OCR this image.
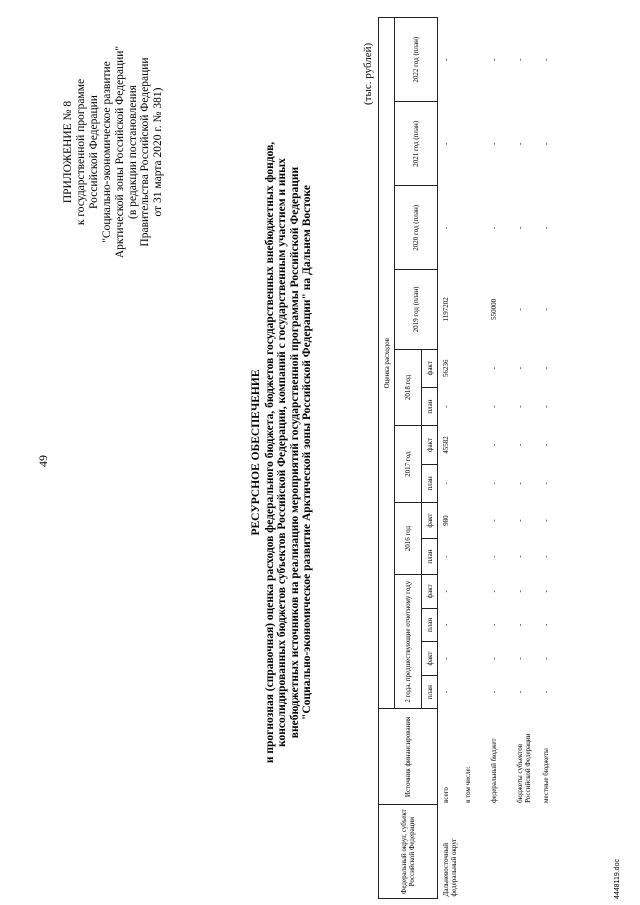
49
ПРИЛОЖЕНИЕ № 8 к государственной программе Российской Федерации "Социально-экономическое развитие Арктической зоны Российской Федерации" (в редакции постановления Правительства Российской Федерации от 31 марта 2020 г. № 381)
РЕСУРСНОЕ ОБЕСПЕЧЕНИЕ и прогнозная (справочная) оценка расходов федерального бюджета, бюджетов государственных внебюджетных фондов, консолидированных бюджетов субъектов Российской Федерации, компаний с государственным участием и иных внебюджетных источников на реализацию мероприятий государственной программы Российской Федерации "Социально-экономическое развитие Арктической зоны Российской Федерации" на Дальнем Востоке
(тыс. рублей)
Федеральный округ, субъект Российской Федерации	Источник финансирования	Оценка расходов													
		2 года, предшествующие отчетному году				2016 год		2017 год		2018 год		2019 год (план)	2020 год (план)	2021 год (план)	2022 год (план)
		план	факт	план	факт	план	факт	план	факт	план	факт				
Дальневосточный федеральный округ	всего	-	-	-	-	-	980	-	45582	-	56236	1197202	-	-	-
	в том числе:														
	федеральный бюджет	-	-	-	-	-	-	-	-	-	-	550000	-	-	-
	бюджеты субъектов Российской Федерации	-	-	-	-	-	-	-	-	-	-	-	-	-	-
	местные бюджеты	-	-	-	-	-	-	-	-	-	-	-	-	-	-
4448119.doc
